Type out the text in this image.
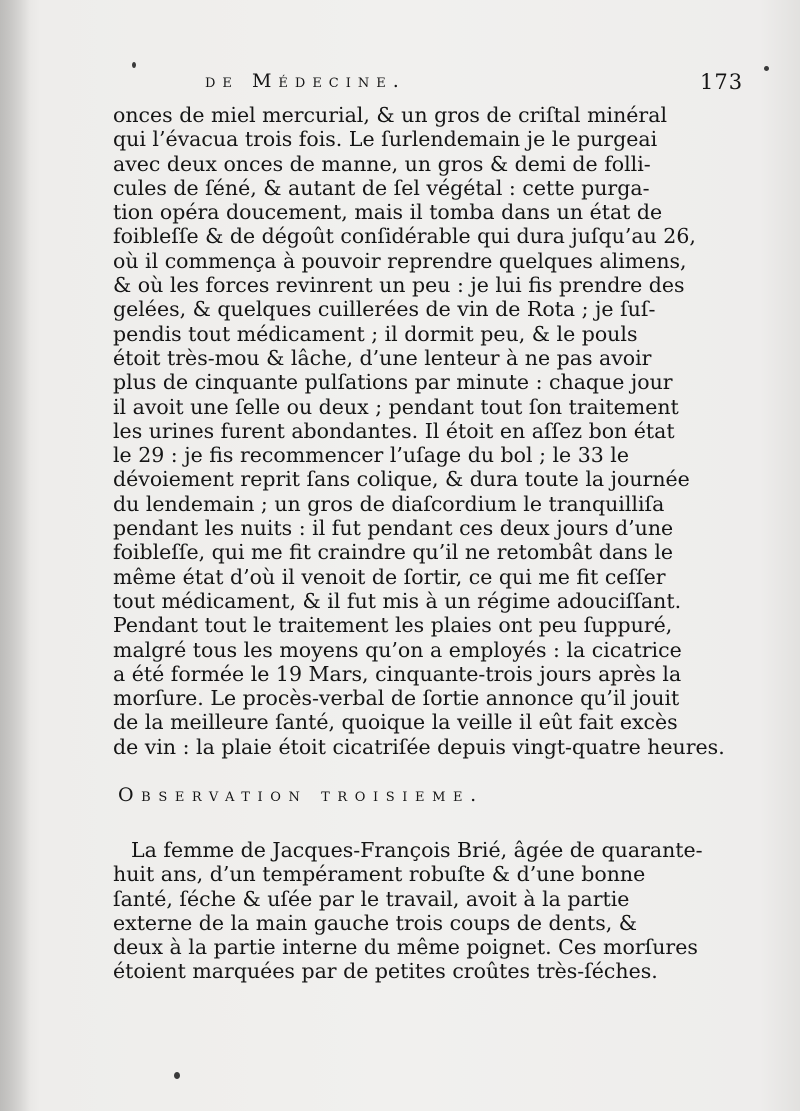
de Médecine.	173
onces de miel mercurial, & un gros de criſtal minéral
qui l’évacua trois fois. Le ſurlendemain je le purgeai
avec deux onces de manne, un gros & demi de folli-
cules de ſéné, & autant de ſel végétal : cette purga-
tion opéra doucement, mais il tomba dans un état de
foibleſſe & de dégoût conſidérable qui dura juſqu’au 26,
où il commença à pouvoir reprendre quelques alimens,
& où les forces revinrent un peu : je lui fis prendre des
gelées, & quelques cuillerées de vin de Rota ; je ſuſ-
pendis tout médicament ; il dormit peu, & le pouls
étoit très-mou & lâche, d’une lenteur à ne pas avoir
plus de cinquante pulſations par minute : chaque jour
il avoit une ſelle ou deux ; pendant tout ſon traitement
les urines furent abondantes. Il étoit en aſſez bon état
le 29 : je fis recommencer l’uſage du bol ; le 33 le
dévoiement reprit ſans colique, & dura toute la journée
du lendemain ; un gros de diaſcordium le tranquilliſa
pendant les nuits : il fut pendant ces deux jours d’une
foibleſſe, qui me fit craindre qu’il ne retombât dans le
même état d’où il venoit de ſortir, ce qui me fit ceſſer
tout médicament, & il fut mis à un régime adouciſſant.
Pendant tout le traitement les plaies ont peu ſuppuré,
malgré tous les moyens qu’on a employés : la cicatrice
a été formée le 19 Mars, cinquante-trois jours après la
morſure. Le procès-verbal de ſortie annonce qu’il jouit
de la meilleure ſanté, quoique la veille il eût fait excès
de vin : la plaie étoit cicatriſée depuis vingt-quatre heures.
Observation troisieme.
La femme de Jacques-François Brié, âgée de quarante-
huit ans, d’un tempérament robuſte & d’une bonne
ſanté, ſéche & uſée par le travail, avoit à la partie
externe de la main gauche trois coups de dents, &
deux à la partie interne du même poignet. Ces morſures
étoient marquées par de petites croûtes très-ſéches.
